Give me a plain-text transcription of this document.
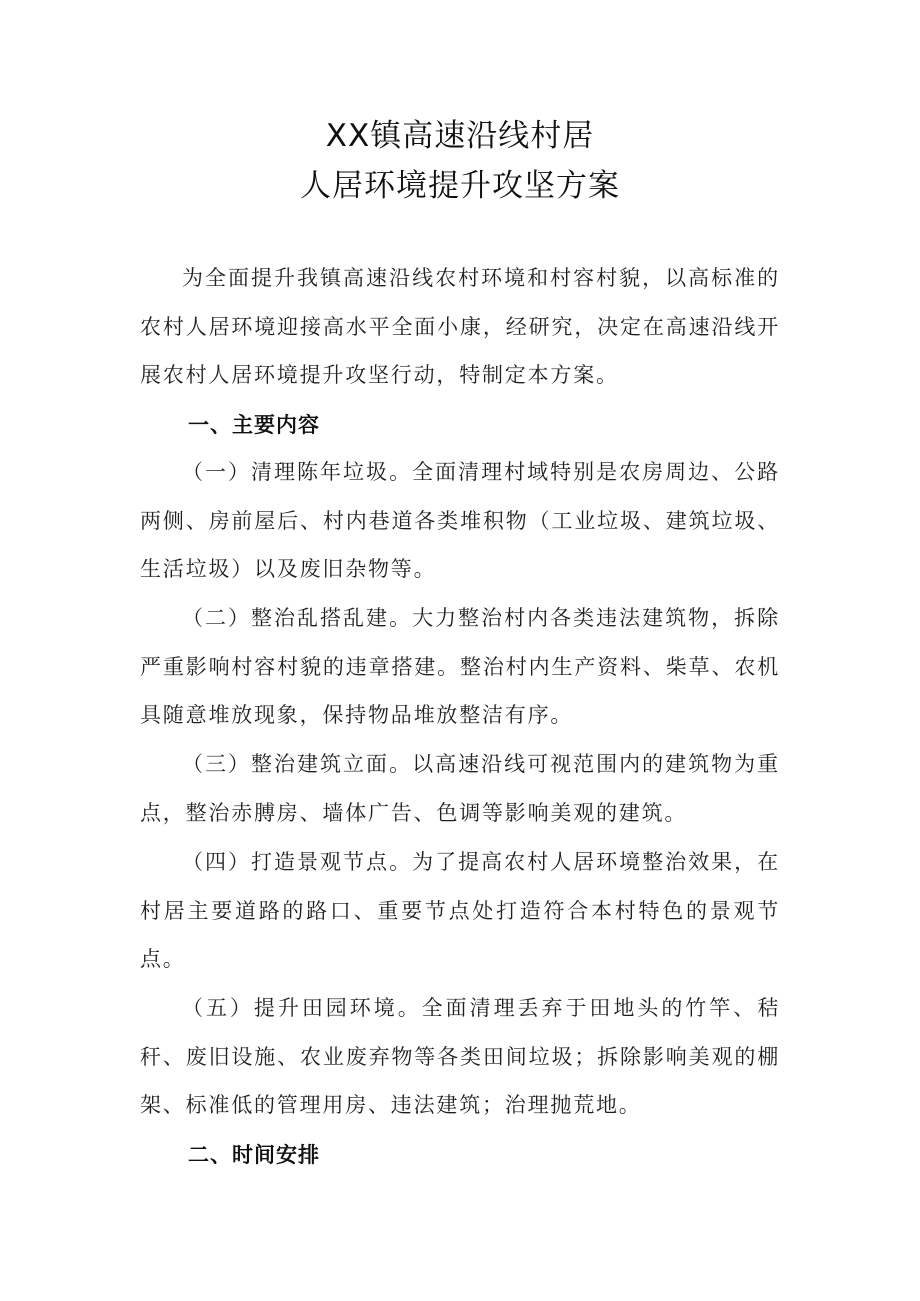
XX镇高速沿线村居
人居环境提升攻坚方案

为全面提升我镇高速沿线农村环境和村容村貌，以高标准的农村人居环境迎接高水平全面小康，经研究，决定在高速沿线开展农村人居环境提升攻坚行动，特制定本方案。

一、主要内容

（一）清理陈年垃圾。全面清理村域特别是农房周边、公路两侧、房前屋后、村内巷道各类堆积物（工业垃圾、建筑垃圾、生活垃圾）以及废旧杂物等。

（二）整治乱搭乱建。大力整治村内各类违法建筑物，拆除严重影响村容村貌的违章搭建。整治村内生产资料、柴草、农机具随意堆放现象，保持物品堆放整洁有序。

（三）整治建筑立面。以高速沿线可视范围内的建筑物为重点，整治赤膊房、墙体广告、色调等影响美观的建筑。

（四）打造景观节点。为了提高农村人居环境整治效果，在村居主要道路的路口、重要节点处打造符合本村特色的景观节点。

（五）提升田园环境。全面清理丢弃于田地头的竹竿、秸秆、废旧设施、农业废弃物等各类田间垃圾；拆除影响美观的棚架、标准低的管理用房、违法建筑；治理抛荒地。

二、时间安排
